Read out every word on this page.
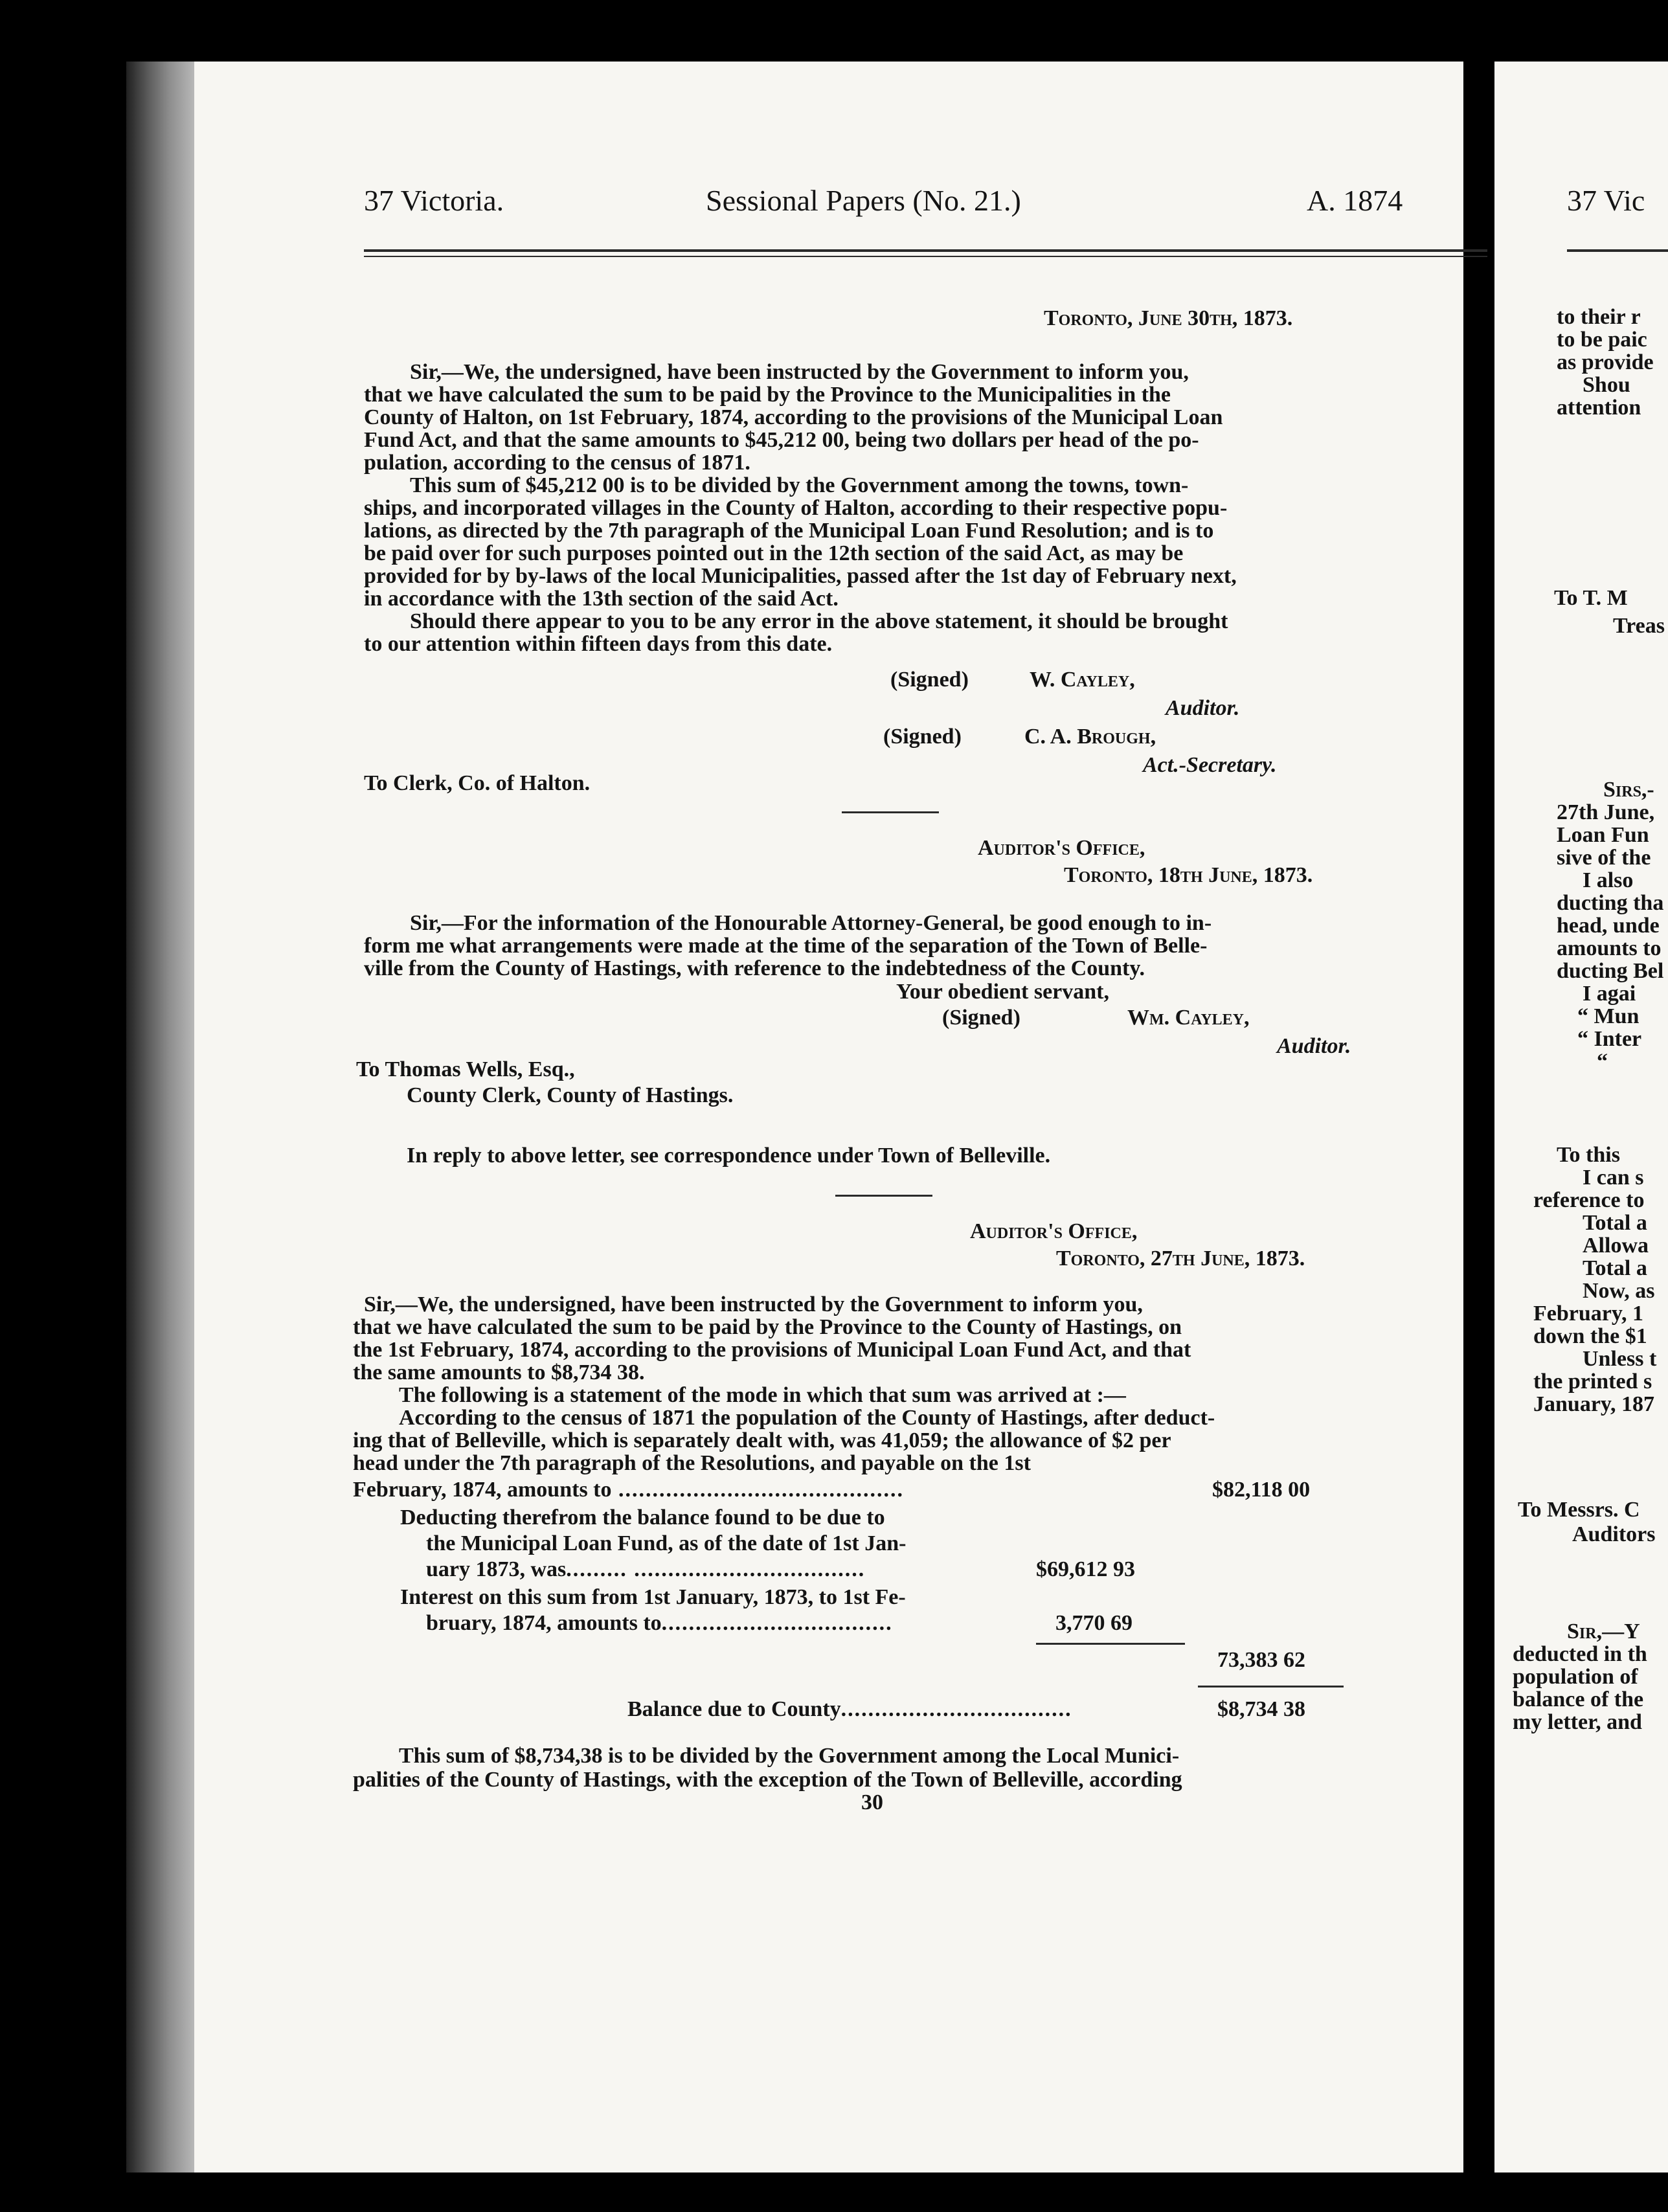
37 Victoria.	Sessional Papers (No. 21.)	A. 1874
Toronto, June 30th, 1873.
Sir,—We, the undersigned, have been instructed by the Government to inform you,
that we have calculated the sum to be paid by the Province to the Municipalities in the
County of Halton, on 1st February, 1874, according to the provisions of the Municipal Loan
Fund Act, and that the same amounts to $45,212 00, being two dollars per head of the po-
pulation, according to the census of 1871.
This sum of $45,212 00 is to be divided by the Government among the towns, town-
ships, and incorporated villages in the County of Halton, according to their respective popu-
lations, as directed by the 7th paragraph of the Municipal Loan Fund Resolution; and is to
be paid over for such purposes pointed out in the 12th section of the said Act, as may be
provided for by by-laws of the local Municipalities, passed after the 1st day of February next,
in accordance with the 13th section of the said Act.
Should there appear to you to be any error in the above statement, it should be brought
to our attention within fifteen days from this date.
(Signed)	W. Cayley,
Auditor.
(Signed)	C. A. Brough,
Act.-Secretary.
To Clerk, Co. of Halton.
Auditor's Office,
Toronto, 18th June, 1873.
Sir,—For the information of the Honourable Attorney-General, be good enough to in-
form me what arrangements were made at the time of the separation of the Town of Belle-
ville from the County of Hastings, with reference to the indebtedness of the County.
Your obedient servant,
(Signed)	Wm. Cayley,
Auditor.
To Thomas Wells, Esq.,
County Clerk, County of Hastings.
In reply to above letter, see correspondence under Town of Belleville.
Auditor's Office,
Toronto, 27th June, 1873.
Sir,—We, the undersigned, have been instructed by the Government to inform you,
that we have calculated the sum to be paid by the Province to the County of Hastings, on
the 1st February, 1874, according to the provisions of Municipal Loan Fund Act, and that
the same amounts to $8,734 38.
The following is a statement of the mode in which that sum was arrived at :—
According to the census of 1871 the population of the County of Hastings, after deduct-
ing that of Belleville, which is separately dealt with, was 41,059; the allowance of $2 per
head under the 7th paragraph of the Resolutions, and payable on the 1st
February, 1874, amounts to ..........................................	$82,118 00
Deducting therefrom the balance found to be due to
the Municipal Loan Fund, as of the date of 1st Jan-
uary 1873, was......... ..................................	$69,612 93
Interest on this sum from 1st January, 1873, to 1st Fe-
bruary, 1874, amounts to..................................	3,770 69
73,383 62
Balance due to County..................................	$8,734 38
This sum of $8,734,38 is to be divided by the Government among the Local Munici-
palities of the County of Hastings, with the exception of the Town of Belleville, according
30
37 Vic
to their r
to be paic
as provide
Shou
attention
To T. M
Treas
Sirs,-
27th June,
Loan Fun
sive of the
I also
ducting tha
head, unde
amounts to
ducting Bel
I agai
“ Mun
“ Inter
“
To this
I can s
reference to
Total a
Allowa
Total a
Now, as
February, 1
down the $1
Unless t
the printed s
January, 187
To Messrs. C
Auditors
Sir,—Y
deducted in th
population of
balance of the
my letter, and
